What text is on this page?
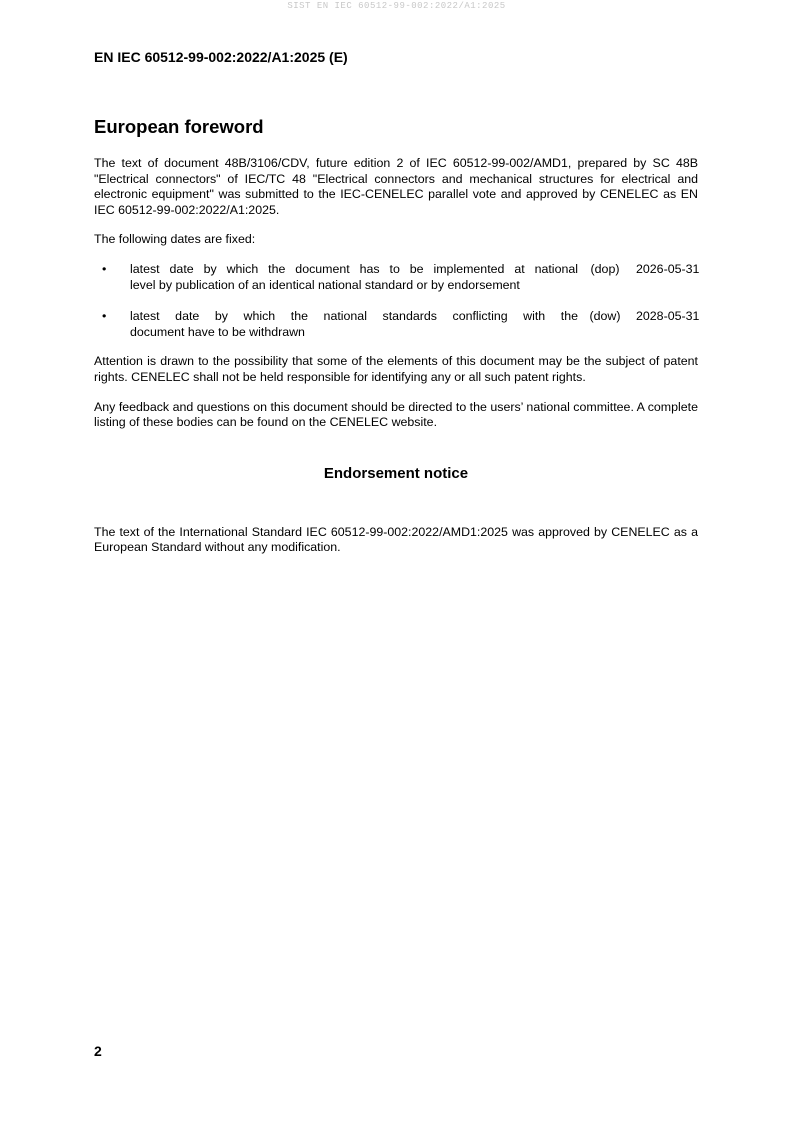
SIST EN IEC 60512-99-002:2022/A1:2025
EN IEC 60512-99-002:2022/A1:2025 (E)
European foreword

The text of document 48B/3106/CDV, future edition 2 of IEC 60512-99-002/AMD1, prepared by SC 48B "Electrical connectors" of IEC/TC 48 "Electrical connectors and mechanical structures for electrical and electronic equipment" was submitted to the IEC-CENELEC parallel vote and approved by CENELEC as EN IEC 60512-99-002:2022/A1:2025.

The following dates are fixed:

•	latest date by which the document has to be implemented at national
level by publication of an identical national standard or by endorsement
(dop)	2026-05-31
•	latest date by which the national standards conflicting with the
document have to be withdrawn
(dow)	2028-05-31

Attention is drawn to the possibility that some of the elements of this document may be the subject of patent rights. CENELEC shall not be held responsible for identifying any or all such patent rights.

Any feedback and questions on this document should be directed to the users’ national committee. A complete listing of these bodies can be found on the CENELEC website.

Endorsement notice

The text of the International Standard IEC 60512-99-002:2022/AMD1:2025 was approved by CENELEC as a European Standard without any modification.

2
